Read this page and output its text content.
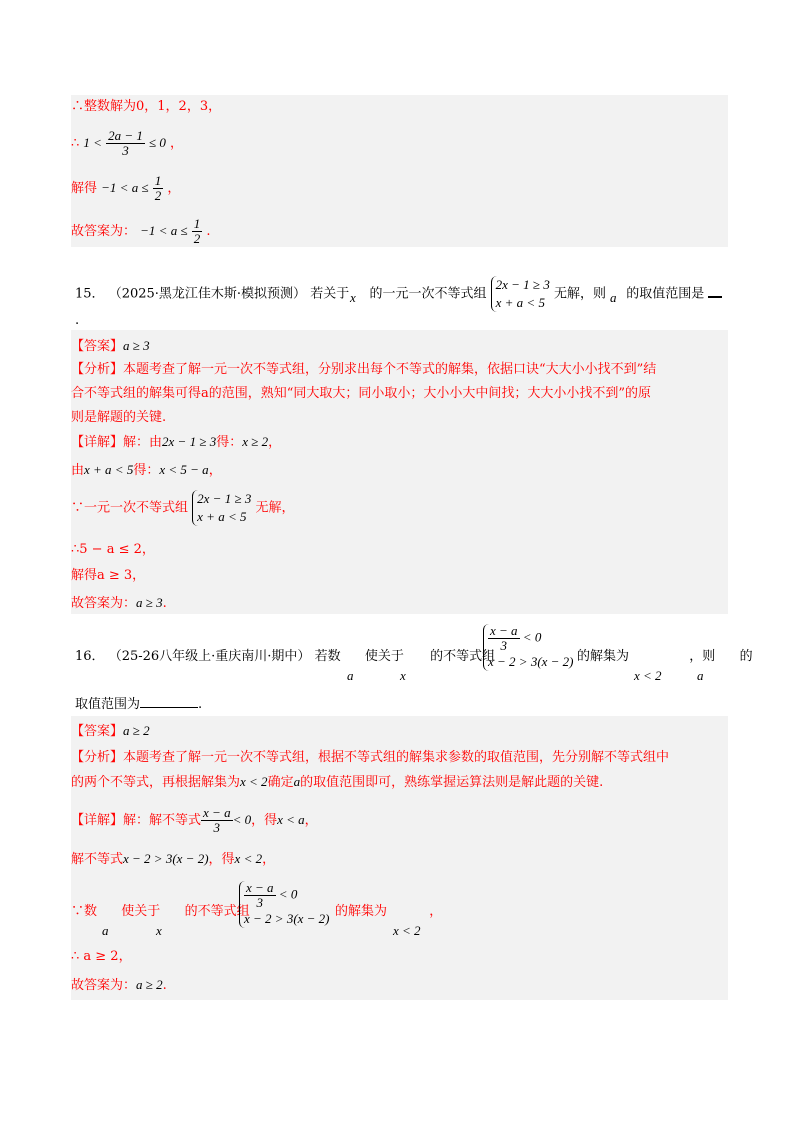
∴整数解为0，1，2，3，
∴ $1 < \frac{2a - 1}{3} \le 0$ ，
解得 $-1 < a \le \frac{1}{2}$ ，
故答案为： $-1 < a \le \frac{1}{2}$ .
15． （2025·黑龙江佳木斯·模拟预测） 若关于 的一元一次不等式组
2x − 1 ≥ 3
x + a < 5
无解，则 的取值范围是
x	a
.
【答案】a ≥ 3
【分析】本题考查了解一元一次不等式组，分别求出每个不等式的解集，依据口诀“大大小小找不到”结
合不等式组的解集可得a的范围，熟知“同大取大；同小取小；大小小大中间找；大大小小找不到”的原
则是解题的关键.
【详解】解：由2x − 1 ≥ 3得：x ≥ 2，
由x + a < 5得：x < 5 − a，
∵一元一次不等式组
2x − 1 ≥ 3
x + a < 5
无解，
∴5 − a ≤ 2，
解得a ≥ 3，
故答案为：a ≥ 3.
16． （25-26八年级上·重庆南川·期中） 若数 使关于 的不等式组
$\frac{x - a}{3} < 0$
x − 2 > 3(x − 2) 的解集为	，则 的
a	x	x < 2	a
取值范围为	.
【答案】a ≥ 2
【分析】本题考查了解一元一次不等式组，根据不等式组的解集求参数的取值范围，先分别解不等式组中
的两个不等式，再根据解集为x < 2确定a的取值范围即可，熟练掌握运算法则是解此题的关键.
【详解】解：解不等式 $\frac{x - a}{3} < 0$，得x < a，
解不等式x − 2 > 3(x − 2)，得x < 2，
∵数 使关于 的不等式组
$\frac{x - a}{3} < 0$
x − 2 > 3(x − 2) 的解集为	，
a	x	x < 2
∴ a ≥ 2，
故答案为：a ≥ 2.
